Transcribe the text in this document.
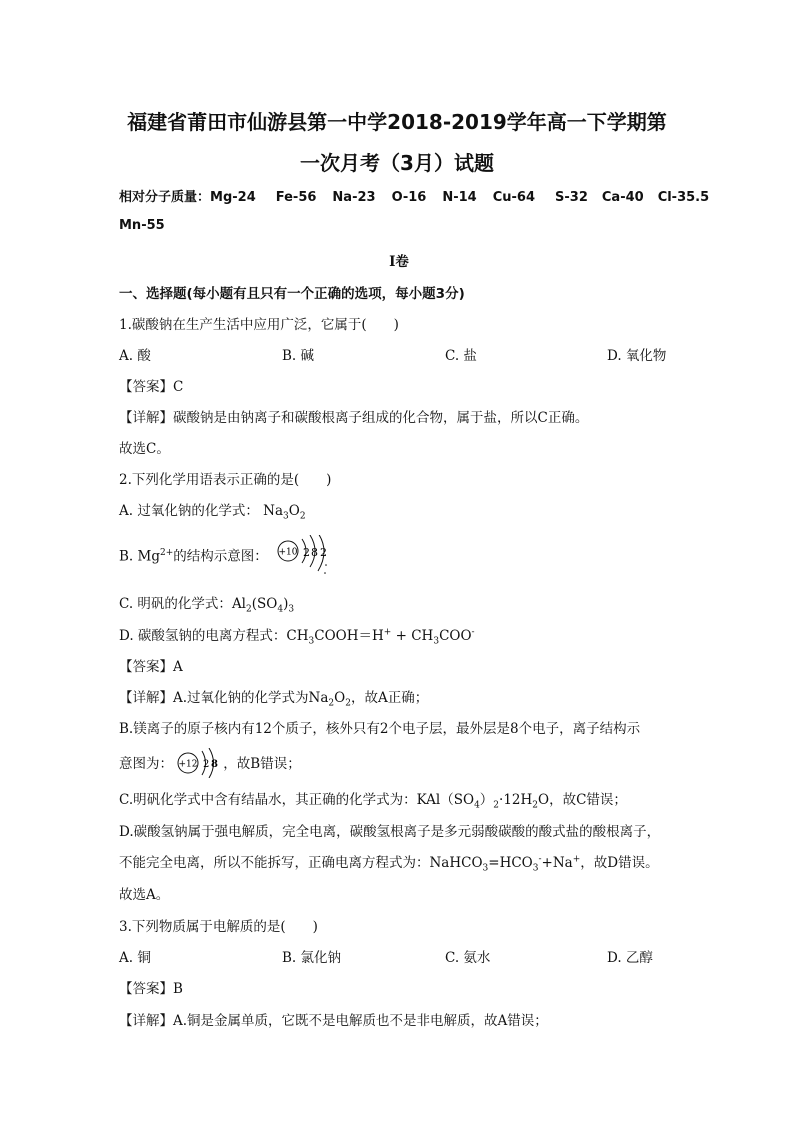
福建省莆田市仙游县第一中学2018-2019学年高一下学期第
一次月考（3月）试题
相对分子质量：Mg-24 Fe-56 Na-23 O-16 N-14 Cu-64 S-32 Ca-40 Cl-35.5
Mn-55
I卷
一、选择题(每小题有且只有一个正确的选项，每小题3分)
1.碳酸钠在生产生活中应用广泛，它属于(　　)
A. 酸	B. 碱	C. 盐	D. 氧化物
【答案】C
【详解】碳酸钠是由钠离子和碳酸根离子组成的化合物，属于盐，所以C正确。
故选C。
2.下列化学用语表示正确的是(　　)
A. 过氧化钠的化学式： $Na_3O_2$
B. $Mg^{2+}$的结构示意图： +10 2 8 2
C. 明矾的化学式：$Al_2(SO_4)_3$
D. 碳酸氢钠的电离方程式：$CH_3COOH=H^+ + CH_3COO^-$
【答案】A
【详解】A.过氧化钠的化学式为$Na_2O_2$，故A正确；
B.镁离子的原子核内有12个质子，核外只有2个电子层，最外层是8个电子，离子结构示
意图为： +12 2 8 ，故B错误；
C.明矾化学式中含有结晶水，其正确的化学式为：$KAl(SO_4)_2\cdot 12H_2O$，故C错误；
D.碳酸氢钠属于强电解质，完全电离，碳酸氢根离子是多元弱酸碳酸的酸式盐的酸根离子，
不能完全电离，所以不能拆写，正确电离方程式为：$NaHCO_3=HCO_3^-+Na^+$，故D错误。
故选A。
3.下列物质属于电解质的是(　　)
A. 铜	B. 氯化钠	C. 氨水	D. 乙醇
【答案】B
【详解】A.铜是金属单质，它既不是电解质也不是非电解质，故A错误；
